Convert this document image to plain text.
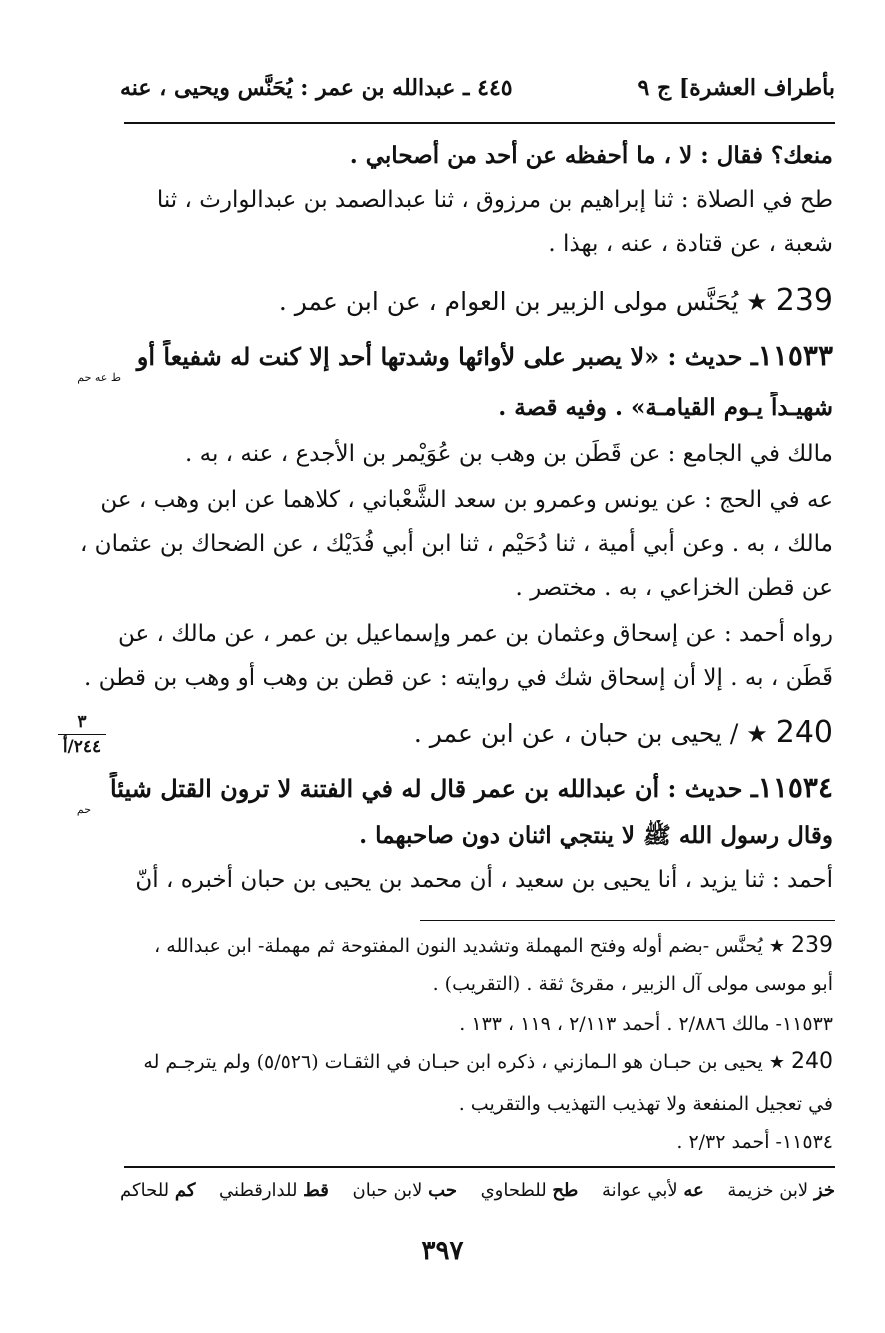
بأطراف العشرة] ج ٩
٤٤٥ ـ عبدالله بن عمر : يُحَنَّس ويحيى ، عنه
منعك؟ فقال : لا ، ما أحفظه عن أحد من أصحابي .
طح في الصلاة : ثنا إبراهيم بن مرزوق ، ثنا عبدالصمد بن عبدالوارث ، ثنا
شعبة ، عن قتادة ، عنه ، بهذا .
239 ★ يُحَنَّس مولى الزبير بن العوام ، عن ابن عمر .
١١٥٣٣ـ حديث : «لا يصبر على لأوائها وشدتها أحد إلا كنت له شفيعاً أو
ط عه حم
شهيـداً يـوم القيامـة» . وفيه قصة .
مالك في الجامع : عن قَطَن بن وهب بن عُوَيْمر بن الأجدع ، عنه ، به .
عه في الحج : عن يونس وعمرو بن سعد الشَّعْباني ، كلاهما عن ابن وهب ، عن
مالك ، به . وعن أبي أمية ، ثنا دُحَيْم ، ثنا ابن أبي فُدَيْك ، عن الضحاك بن عثمان ،
عن قطن الخزاعي ، به . مختصر .
رواه أحمد : عن إسحاق وعثمان بن عمر وإسماعيل بن عمر ، عن مالك ، عن
قَطَن ، به . إلا أن إسحاق شك في روايته : عن قطن بن وهب أو وهب بن قطن .
240 ★ / يحيى بن حبان ، عن ابن عمر .
٣
٢٤٤/أ
١١٥٣٤ـ حديث : أن عبدالله بن عمر قال له في الفتنة لا ترون القتل شيئاً
حم
وقال رسول الله ﷺ لا ينتجي اثنان دون صاحبهما .
أحمد : ثنا يزيد ، أنا يحيى بن سعيد ، أن محمد بن يحيى بن حبان أخبره ، أنّ
239 ★ يُحنَّس -بضم أوله وفتح المهملة وتشديد النون المفتوحة ثم مهملة- ابن عبدالله ،
أبو موسى مولى آل الزبير ، مقرئ ثقة . (التقريب) .
١١٥٣٣- مالك ٢/٨٨٦ . أحمد ٢/١١٣ ، ١١٩ ، ١٣٣ .
240 ★ يحيى بن حبـان هو الـمازني ، ذكره ابن حبـان في الثقـات (٥/٥٢٦) ولم يترجـم له
في تعجيل المنفعة ولا تهذيب التهذيب والتقريب .
١١٥٣٤- أحمد ٢/٣٢ .
خز لابن خزيمة
عه لأبي عوانة
طح للطحاوي
حب لابن حبان
قط للدارقطني
كم للحاكم
٣٩٧
